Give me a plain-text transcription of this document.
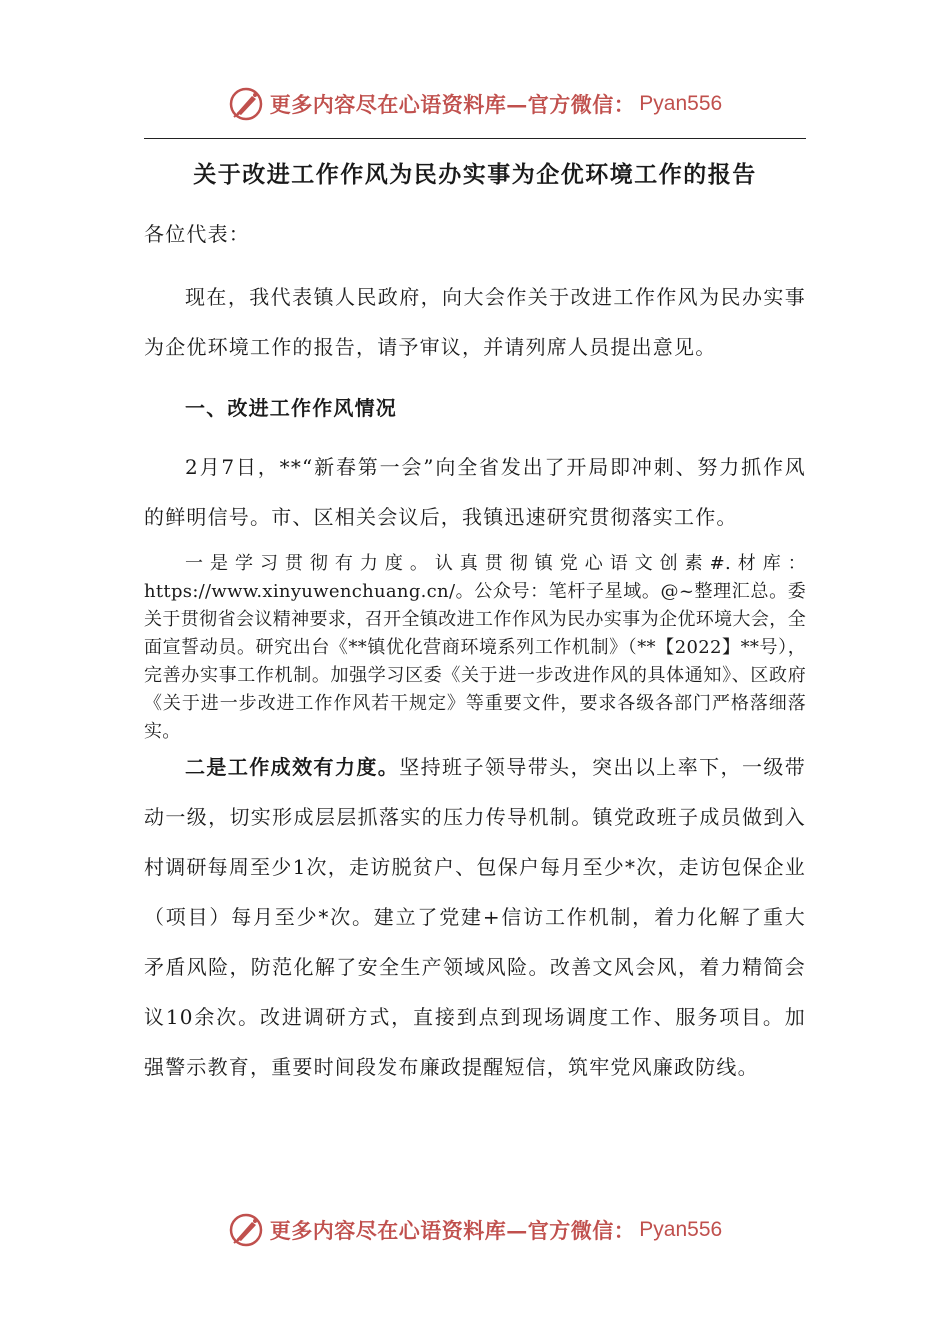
更多内容尽在心语资料库—官方微信： Pyan556
关于改进工作作风为民办实事为企优环境工作的报告

各位代表：

现在，我代表镇人民政府，向大会作关于改进工作作风为民办实事为企优环境工作的报告，请予审议，并请列席人员提出意见。

一、改进工作作风情况

2月7日，**“新春第一会”向全省发出了开局即冲刺、努力抓作风的鲜明信号。市、区相关会议后，我镇迅速研究贯彻落实工作。

一是学习贯彻有力度。认真贯彻镇党心语文创素#.材库：https://www.xinyuwenchuang.cn/。公众号：笔杆子星域。@~整理汇总。委关于贯彻省会议精神要求，召开全镇改进工作作风为民办实事为企优环境大会，全面宣誓动员。研究出台《**镇优化营商环境系列工作机制》（**【2022】**号），完善办实事工作机制。加强学习区委《关于进一步改进作风的具体通知》、区政府《关于进一步改进工作作风若干规定》等重要文件，要求各级各部门严格落细落实。

二是工作成效有力度。坚持班子领导带头，突出以上率下，一级带动一级，切实形成层层抓落实的压力传导机制。镇党政班子成员做到入村调研每周至少1次，走访脱贫户、包保户每月至少*次，走访包保企业（项目）每月至少*次。建立了党建+信访工作机制，着力化解了重大矛盾风险，防范化解了安全生产领域风险。改善文风会风，着力精简会议10余次。改进调研方式，直接到点到现场调度工作、服务项目。加强警示教育，重要时间段发布廉政提醒短信，筑牢党风廉政防线。

更多内容尽在心语资料库—官方微信： Pyan556
